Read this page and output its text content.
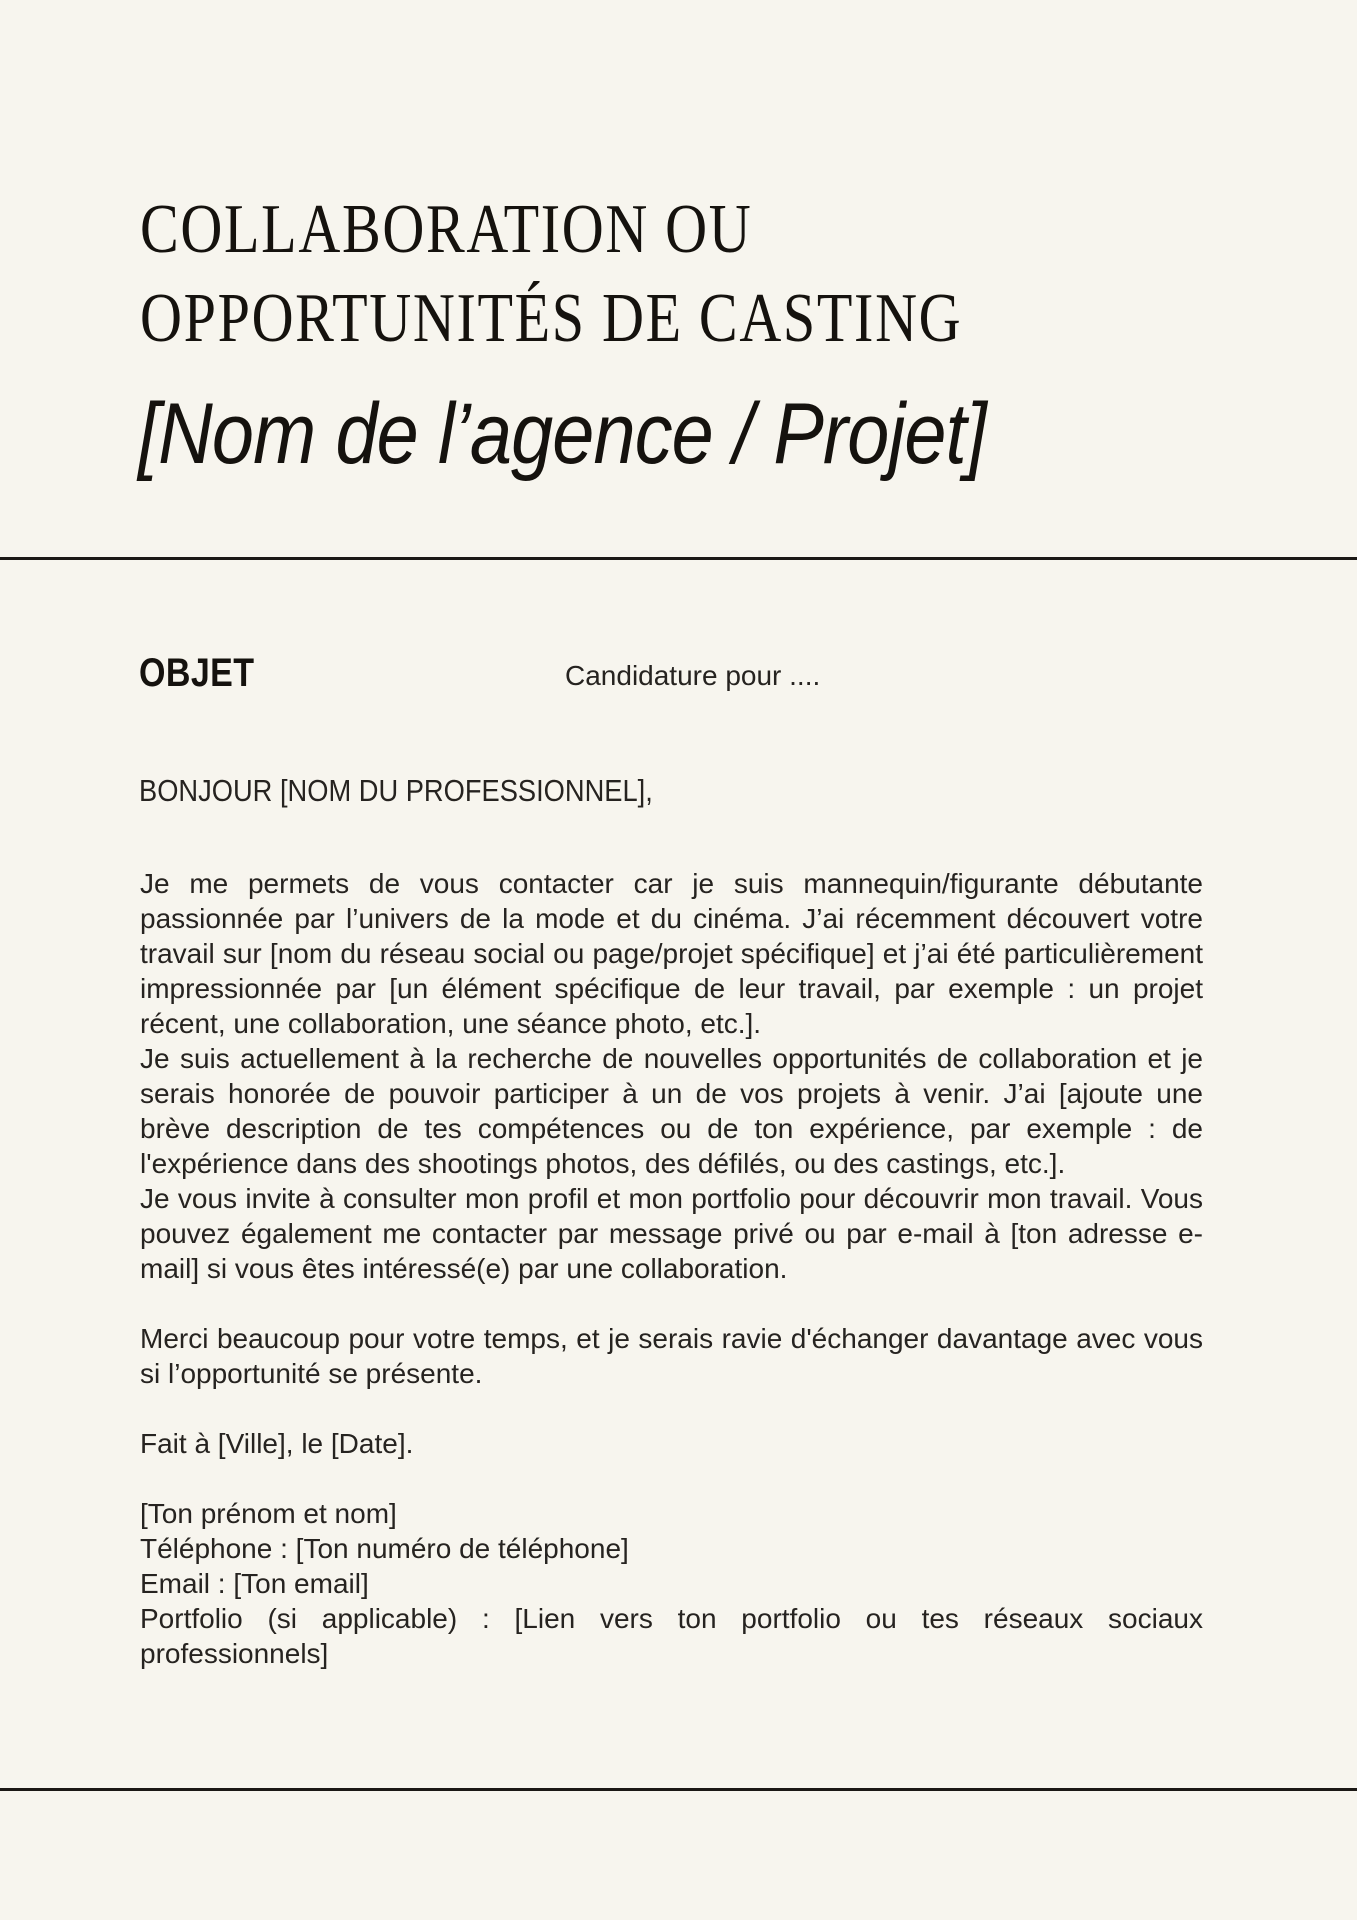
COLLABORATION OU
OPPORTUNITÉS DE CASTING
[Nom de l’agence / Projet]
OBJET	Candidature pour ....
BONJOUR [NOM DU PROFESSIONNEL],

Je me permets de vous contacter car je suis mannequin/figurante débutante passionnée par l’univers de la mode et du cinéma. J’ai récemment découvert votre travail sur [nom du réseau social ou page/projet spécifique] et j’ai été particulièrement impressionnée par [un élément spécifique de leur travail, par exemple : un projet récent, une collaboration, une séance photo, etc.].

Je suis actuellement à la recherche de nouvelles opportunités de collaboration et je serais honorée de pouvoir participer à un de vos projets à venir. J’ai [ajoute une brève description de tes compétences ou de ton expérience, par exemple : de l'expérience dans des shootings photos, des défilés, ou des castings, etc.].

Je vous invite à consulter mon profil et mon portfolio pour découvrir mon travail. Vous pouvez également me contacter par message privé ou par e-mail à [ton adresse e-mail] si vous êtes intéressé(e) par une collaboration.

Merci beaucoup pour votre temps, et je serais ravie d'échanger davantage avec vous si l’opportunité se présente.

Fait à [Ville], le [Date].

[Ton prénom et nom]

Téléphone : [Ton numéro de téléphone]

Email : [Ton email]

Portfolio (si applicable) : [Lien vers ton portfolio ou tes réseaux sociaux professionnels]
